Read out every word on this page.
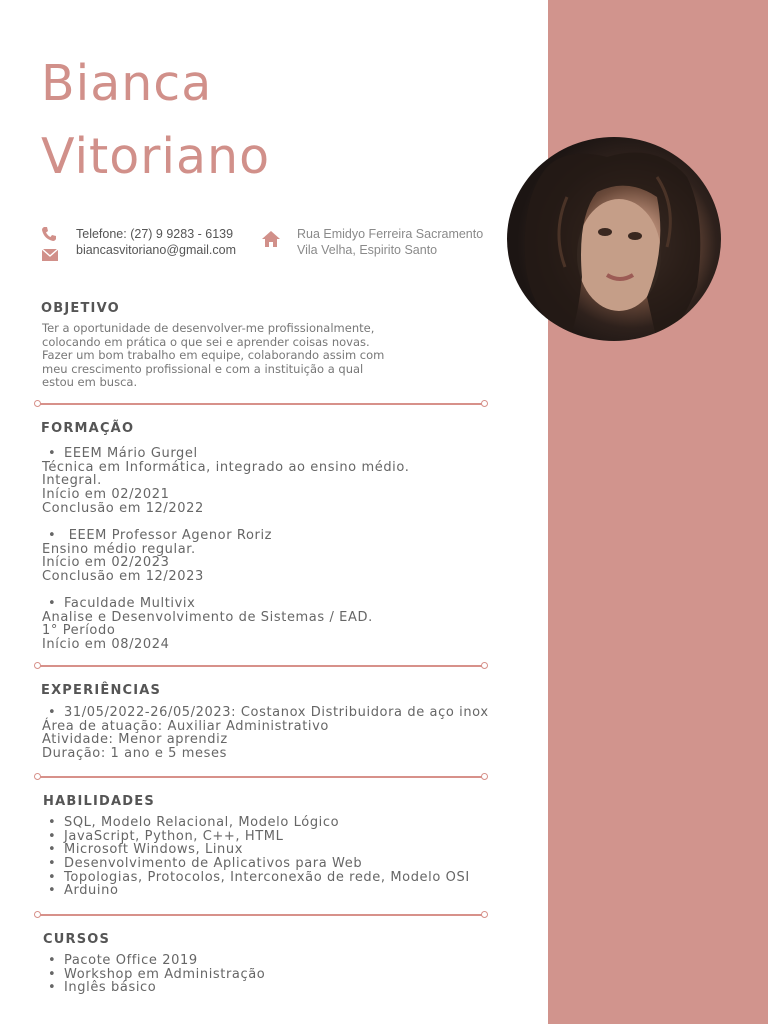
Bianca
Vitoriano
Telefone: (27) 9 9283 - 6139
biancasvitoriano@gmail.com
Rua Emidyo Ferreira Sacramento
Vila Velha, Espirito Santo
OBJETIVO
Ter a oportunidade de desenvolver-me profissionalmente,
colocando em prática o que sei e aprender coisas novas.
Fazer um bom trabalho em equipe, colaborando assim com
meu crescimento profissional e com a instituição a qual
estou em busca.
FORMAÇÃO
• EEEM Mário Gurgel
Técnica em Informática, integrado ao ensino médio.
Integral.
Início em 02/2021
Conclusão em 12/2022
• EEEM Professor Agenor Roriz
Ensino médio regular.
Início em 02/2023
Conclusão em 12/2023
• Faculdade Multivix
Analise e Desenvolvimento de Sistemas / EAD.
1° Período
Início em 08/2024
EXPERIÊNCIAS
• 31/05/2022-26/05/2023: Costanox Distribuidora de aço inox
Área de atuação: Auxiliar Administrativo
Atividade: Menor aprendiz
Duração: 1 ano e 5 meses
HABILIDADES
• SQL, Modelo Relacional, Modelo Lógico
• JavaScript, Python, C++, HTML
• Microsoft Windows, Linux
• Desenvolvimento de Aplicativos para Web
• Topologias, Protocolos, Interconexão de rede, Modelo OSI
• Arduino
CURSOS
• Pacote Office 2019
• Workshop em Administração
• Inglês básico
